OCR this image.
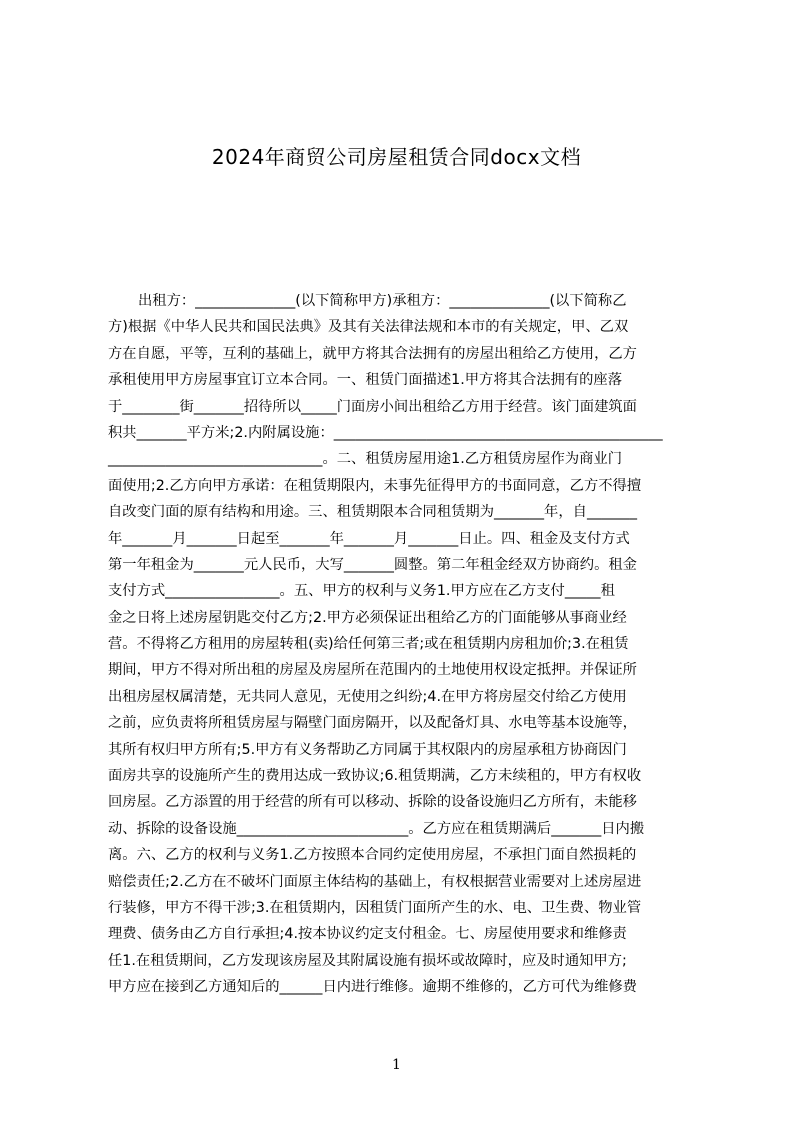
2024年商贸公司房屋租赁合同docx文档
出租方：______________(以下简称甲方)承租方：______________(以下简称乙
方)根据《中华人民共和国民法典》及其有关法律法规和本市的有关规定，甲、乙双
方在自愿，平等，互利的基础上，就甲方将其合法拥有的房屋出租给乙方使用，乙方
承租使用甲方房屋事宜订立本合同。一、租赁门面描述1.甲方将其合法拥有的座落
于________街_______招待所以_____门面房小间出租给乙方用于经营。该门面建筑面
积共_______平方米;2.内附属设施：______________________________________________
______________________________。二、租赁房屋用途1.乙方租赁房屋作为商业门
面使用;2.乙方向甲方承诺：在租赁期限内，未事先征得甲方的书面同意，乙方不得擅
自改变门面的原有结构和用途。三、租赁期限本合同租赁期为_______年，自_______
年_______月_______日起至_______年_______月_______日止。四、租金及支付方式
第一年租金为_______元人民币，大写_______圆整。第二年租金经双方协商约。租金
支付方式________________。五、甲方的权利与义务1.甲方应在乙方支付_____租
金之日将上述房屋钥匙交付乙方;2.甲方必须保证出租给乙方的门面能够从事商业经
营。不得将乙方租用的房屋转租(卖)给任何第三者;或在租赁期内房租加价;3.在租赁
期间，甲方不得对所出租的房屋及房屋所在范围内的土地使用权设定抵押。并保证所
出租房屋权属清楚，无共同人意见，无使用之纠纷;4.在甲方将房屋交付给乙方使用
之前，应负责将所租赁房屋与隔壁门面房隔开，以及配备灯具、水电等基本设施等，
其所有权归甲方所有;5.甲方有义务帮助乙方同属于其权限内的房屋承租方协商因门
面房共享的设施所产生的费用达成一致协议;6.租赁期满，乙方未续租的，甲方有权收
回房屋。乙方添置的用于经营的所有可以移动、拆除的设备设施归乙方所有，未能移
动、拆除的设备设施________________________。乙方应在租赁期满后_______日内搬
离。六、乙方的权利与义务1.乙方按照本合同约定使用房屋，不承担门面自然损耗的
赔偿责任;2.乙方在不破坏门面原主体结构的基础上，有权根据营业需要对上述房屋进
行装修，甲方不得干涉;3.在租赁期内，因租赁门面所产生的水、电、卫生费、物业管
理费、债务由乙方自行承担;4.按本协议约定支付租金。七、房屋使用要求和维修责
任1.在租赁期间，乙方发现该房屋及其附属设施有损坏或故障时，应及时通知甲方;
甲方应在接到乙方通知后的______日内进行维修。逾期不维修的，乙方可代为维修费
1
